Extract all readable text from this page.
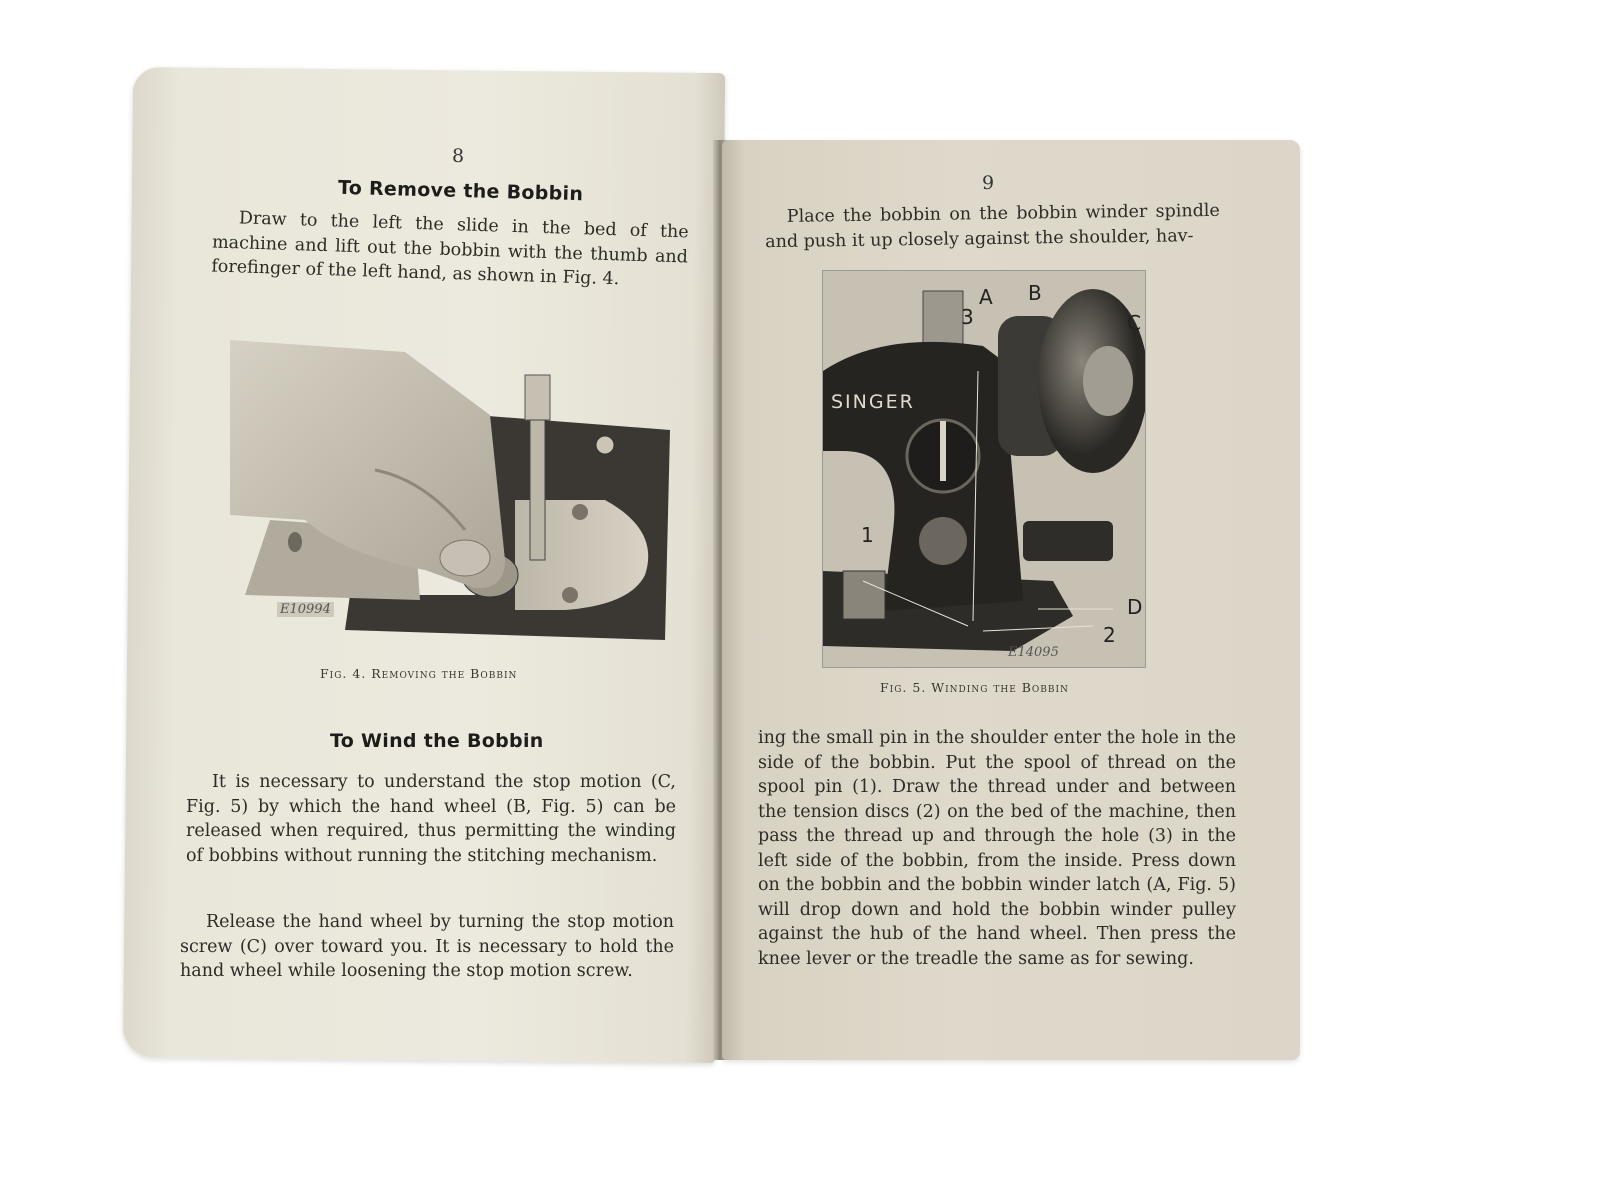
8
To Remove the Bobbin
Draw to the left the slide in the bed of the machine and lift out the bobbin with the thumb and forefinger of the left hand, as shown in Fig. 4.
E10994
Fig. 4. Removing the Bobbin
To Wind the Bobbin
It is necessary to understand the stop motion (C, Fig. 5) by which the hand wheel (B, Fig. 5) can be released when required, thus permitting the winding of bobbins without running the stitching mechanism.
Release the hand wheel by turning the stop motion screw (C) over toward you. It is necessary to hold the hand wheel while loosening the stop motion screw.
9
Place the bobbin on the bobbin winder spindle and push it up closely against the shoulder, hav-
SINGER
A B
C
D
1
2
3
E14095
Fig. 5. Winding the Bobbin
ing the small pin in the shoulder enter the hole in the side of the bobbin. Put the spool of thread on the spool pin (1). Draw the thread under and between the tension discs (2) on the bed of the machine, then pass the thread up and through the hole (3) in the left side of the bobbin, from the inside. Press down on the bobbin and the bobbin winder latch (A, Fig. 5) will drop down and hold the bobbin winder pulley against the hub of the hand wheel. Then press the knee lever or the treadle the same as for sewing.
